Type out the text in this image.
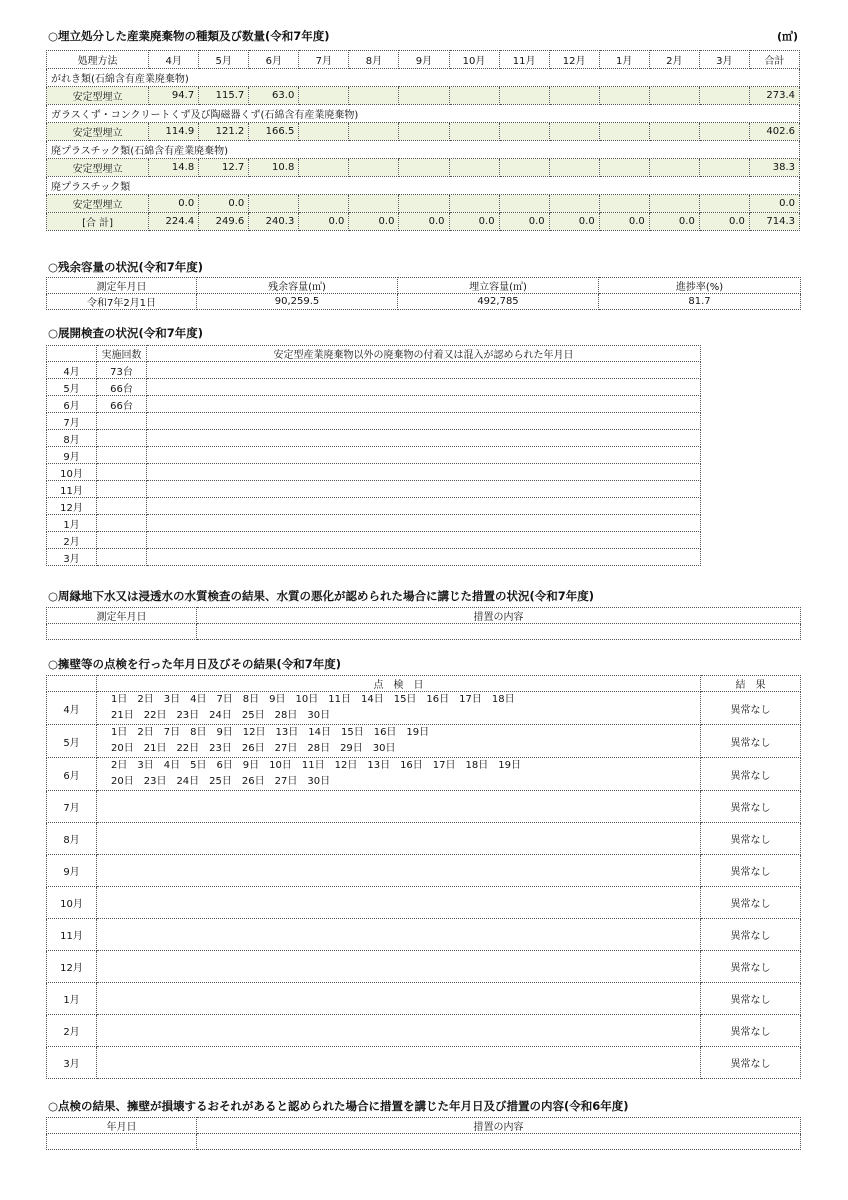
○埋立処分した産業廃棄物の種類及び数量(令和7年度)	(㎥)
処理方法	4月	5月	6月	7月	8月	9月	10月	11月	12月	1月	2月	3月	合計
がれき類(石綿含有産業廃棄物)													
安定型埋立	94.7	115.7	63.0										273.4
ガラスくず・コンクリートくず及び陶磁器くず(石綿含有産業廃棄物)													
安定型埋立	114.9	121.2	166.5										402.6
廃プラスチック類(石綿含有産業廃棄物)													
安定型埋立	14.8	12.7	10.8										38.3
廃プラスチック類													
安定型埋立	0.0	0.0											0.0
[合 計]	224.4	249.6	240.3	0.0	0.0	0.0	0.0	0.0	0.0	0.0	0.0	0.0	714.3
○残余容量の状況(令和7年度)
測定年月日	残余容量(㎥)	埋立容量(㎥)	進捗率(%)
令和7年2月1日	90,259.5	492,785	81.7
○展開検査の状況(令和7年度)
	実施回数	安定型産業廃棄物以外の廃棄物の付着又は混入が認められた年月日
4月	73台	
5月	66台	
6月	66台	
7月		
8月		
9月		
10月		
11月		
12月		
1月		
2月		
3月		
○周縁地下水又は浸透水の水質検査の結果、水質の悪化が認められた場合に講じた措置の状況(令和7年度)
測定年月日	措置の内容

○擁壁等の点検を行った年月日及びその結果(令和7年度)
	点　検　日	結　果
4月	1日　2日　3日　4日　7日　8日　9日　10日　11日　14日　15日　16日　17日　18日
21日　22日　23日　24日　25日　28日　30日	異常なし
5月	1日　2日　7日　8日　9日　12日　13日　14日　15日　16日　19日
20日　21日　22日　23日　26日　27日　28日　29日　30日	異常なし
6月	2日　3日　4日　5日　6日　9日　10日　11日　12日　13日　16日　17日　18日　19日
20日　23日　24日　25日　26日　27日　30日	異常なし
7月		異常なし
8月		異常なし
9月		異常なし
10月		異常なし
11月		異常なし
12月		異常なし
1月		異常なし
2月		異常なし
3月		異常なし
○点検の結果、擁壁が損壊するおそれがあると認められた場合に措置を講じた年月日及び措置の内容(令和6年度)
年月日	措置の内容
